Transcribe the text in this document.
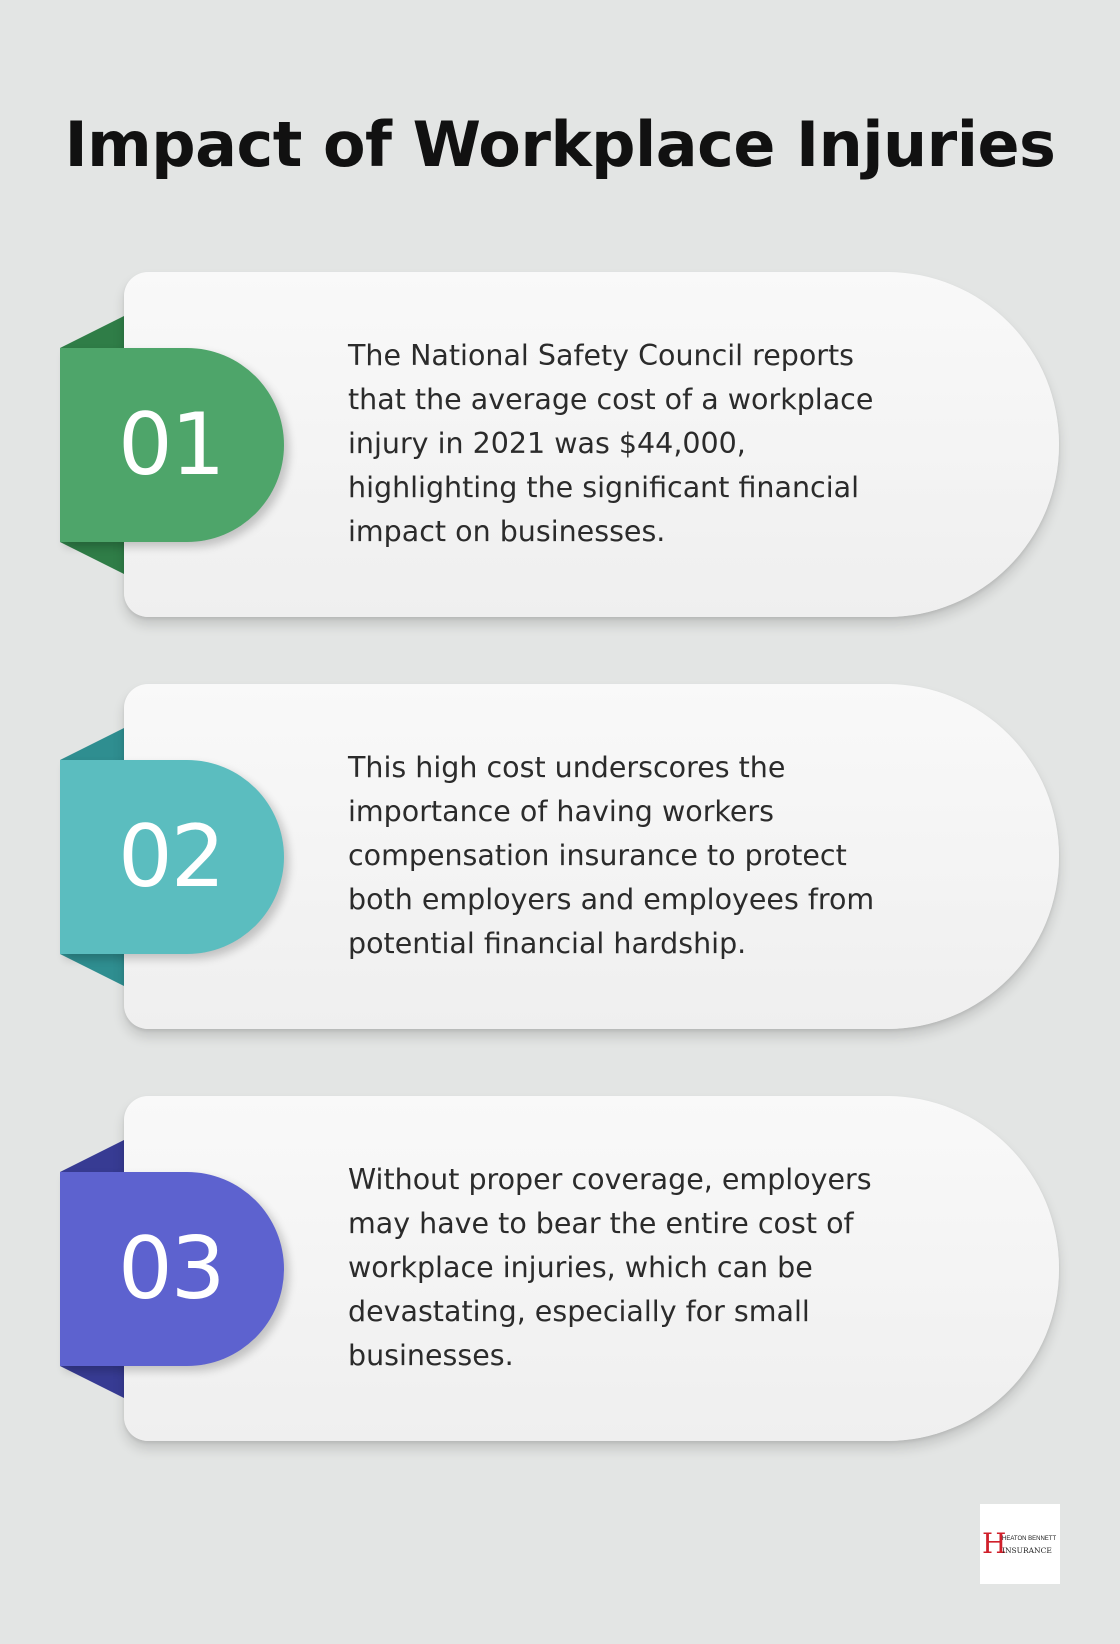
Impact of Workplace Injuries

The National Safety Council reports that the average cost of a workplace injury in 2021 was $44,000, highlighting the significant financial impact on businesses.

01

This high cost underscores the importance of having workers compensation insurance to protect both employers and employees from potential financial hardship.

02

Without proper coverage, employers may have to bear the entire cost of workplace injuries, which can be devastating, especially for small businesses.

03
H
HEATON BENNETT
INSURANCE
